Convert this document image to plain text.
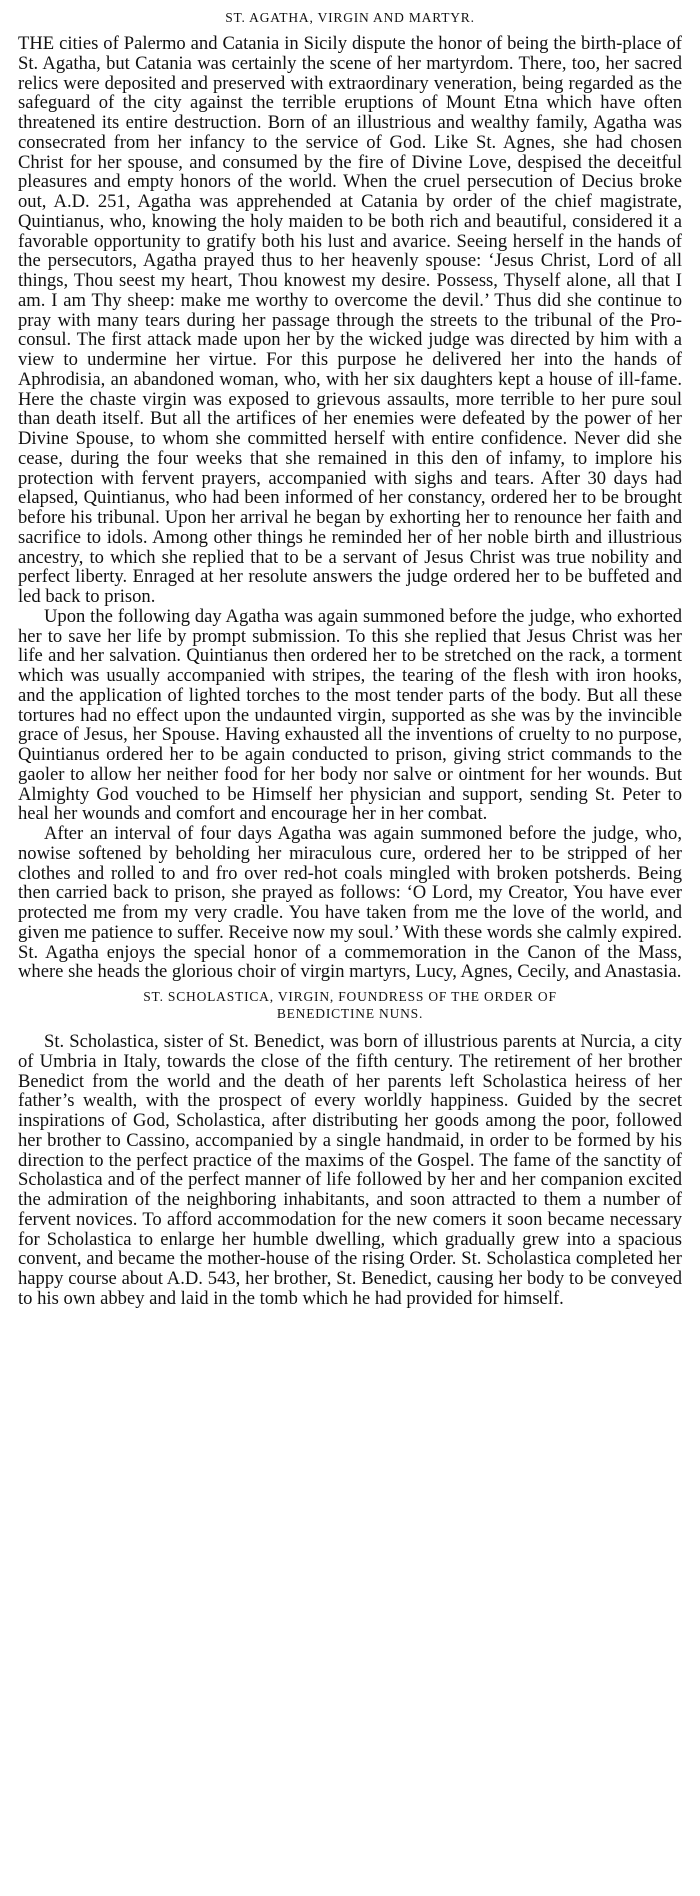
ST. AGATHA, VIRGIN AND MARTYR.

THE cities of Palermo and Catania in Sicily dispute the honor of being the birth-place of St. Agatha, but Catania was certainly the scene of her martyrdom. There, too, her sacred relics were deposited and preserved with extraordinary veneration, being regarded as the safeguard of the city against the terrible eruptions of Mount Etna which have often threatened its entire destruction. Born of an illustrious and wealthy family, Agatha was consecrated from her infancy to the service of God. Like St. Agnes, she had chosen Christ for her spouse, and consumed by the fire of Divine Love, despised the deceitful pleasures and empty honors of the world. When the cruel persecution of Decius broke out, A.D. 251, Agatha was apprehended at Catania by order of the chief magistrate, Quintianus, who, knowing the holy maiden to be both rich and beautiful, considered it a favorable opportunity to gratify both his lust and avarice. Seeing herself in the hands of the persecutors, Agatha prayed thus to her heavenly spouse: ‘Jesus Christ, Lord of all things, Thou seest my heart, Thou knowest my desire. Possess, Thyself alone, all that I am. I am Thy sheep: make me worthy to overcome the devil.’ Thus did she continue to pray with many tears during her passage through the streets to the tribunal of the Pro-consul. The first attack made upon her by the wicked judge was directed by him with a view to undermine her virtue. For this purpose he delivered her into the hands of Aphrodisia, an abandoned woman, who, with her six daughters kept a house of ill-fame. Here the chaste virgin was exposed to grievous assaults, more terrible to her pure soul than death itself. But all the artifices of her enemies were defeated by the power of her Divine Spouse, to whom she committed herself with entire confidence. Never did she cease, during the four weeks that she remained in this den of infamy, to implore his protection with fervent prayers, accompanied with sighs and tears. After 30 days had elapsed, Quintianus, who had been informed of her constancy, ordered her to be brought before his tribunal. Upon her arrival he began by exhorting her to renounce her faith and sacrifice to idols. Among other things he reminded her of her noble birth and illustrious ancestry, to which she replied that to be a servant of Jesus Christ was true nobility and perfect liberty. Enraged at her resolute answers the judge ordered her to be buffeted and led back to prison.

Upon the following day Agatha was again summoned before the judge, who exhorted her to save her life by prompt submission. To this she replied that Jesus Christ was her life and her salvation. Quintianus then ordered her to be stretched on the rack, a torment which was usually accompanied with stripes, the tearing of the flesh with iron hooks, and the application of lighted torches to the most tender parts of the body. But all these tortures had no effect upon the undaunted virgin, supported as she was by the invincible grace of Jesus, her Spouse. Having exhausted all the inventions of cruelty to no purpose, Quintianus ordered her to be again conducted to prison, giving strict commands to the gaoler to allow her neither food for her body nor salve or ointment for her wounds. But Almighty God vouched to be Himself her physician and support, sending St. Peter to heal her wounds and comfort and encourage her in her combat.

After an interval of four days Agatha was again summoned before the judge, who, nowise softened by beholding her miraculous cure, ordered her to be stripped of her clothes and rolled to and fro over red-hot coals mingled with broken potsherds. Being then carried back to prison, she prayed as follows: ‘O Lord, my Creator, You have ever protected me from my very cradle. You have taken from me the love of the world, and given me patience to suffer. Receive now my soul.’ With these words she calmly expired. St. Agatha enjoys the special honor of a commemoration in the Canon of the Mass, where she heads the glorious choir of virgin martyrs, Lucy, Agnes, Cecily, and Anastasia.

ST. SCHOLASTICA, VIRGIN, FOUNDRESS OF THE ORDER OF
BENEDICTINE NUNS.

St. Scholastica, sister of St. Benedict, was born of illustrious parents at Nurcia, a city of Umbria in Italy, towards the close of the fifth century. The retirement of her brother Benedict from the world and the death of her parents left Scholastica heiress of her father’s wealth, with the prospect of every worldly happiness. Guided by the secret inspirations of God, Scholastica, after distributing her goods among the poor, followed her brother to Cassino, accompanied by a single handmaid, in order to be formed by his direction to the perfect practice of the maxims of the Gospel. The fame of the sanctity of Scholastica and of the perfect manner of life followed by her and her companion excited the admiration of the neighboring inhabitants, and soon attracted to them a number of fervent novices. To afford accommodation for the new comers it soon became necessary for Scholastica to enlarge her humble dwelling, which gradually grew into a spacious convent, and became the mother-house of the rising Order. St. Scholastica completed her happy course about A.D. 543, her brother, St. Benedict, causing her body to be conveyed to his own abbey and laid in the tomb which he had provided for himself.
